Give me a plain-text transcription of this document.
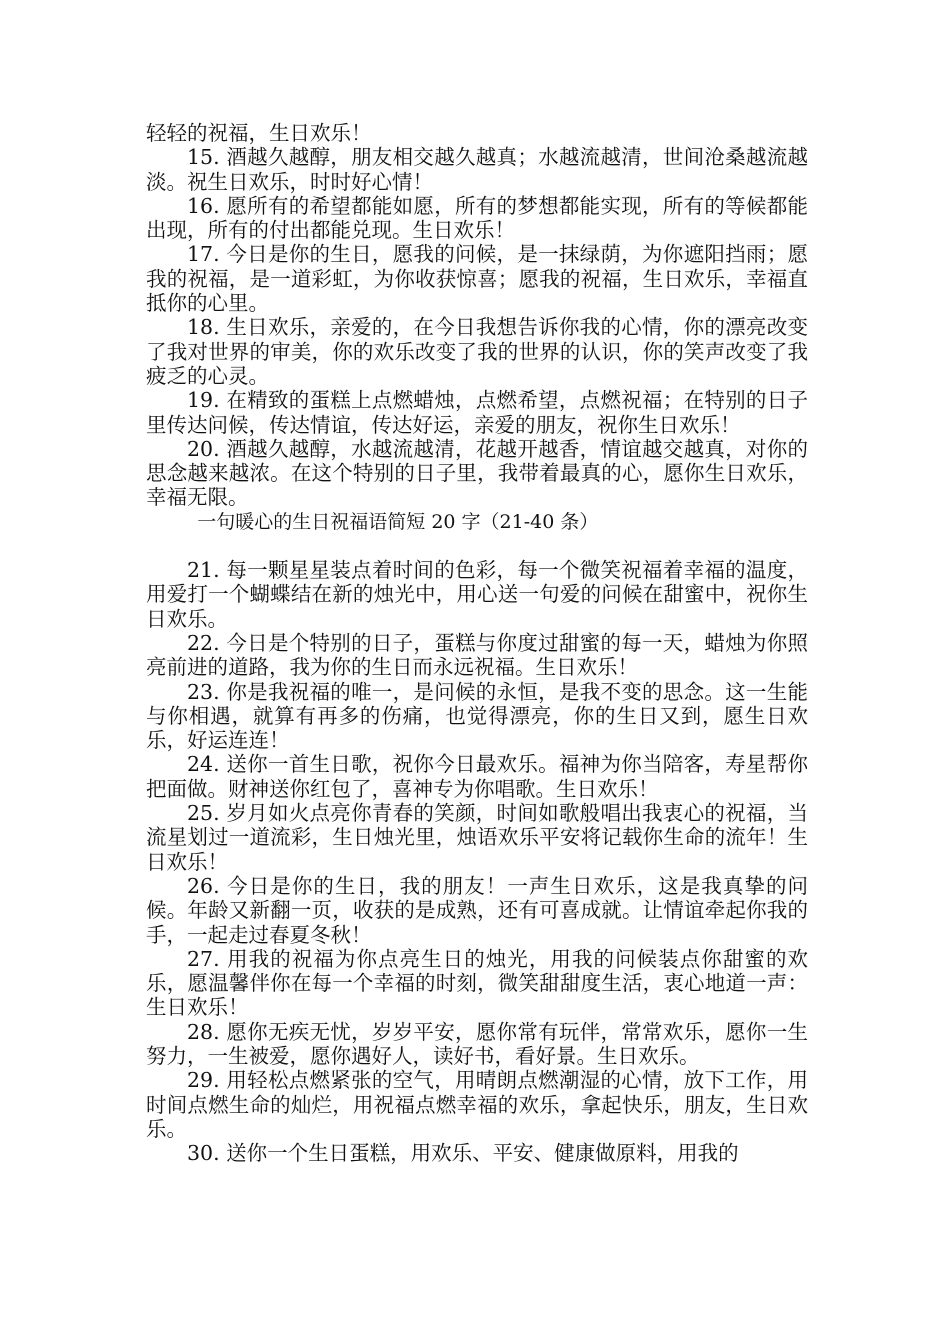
轻轻的祝福，生日欢乐！

15. 酒越久越醇，朋友相交越久越真；水越流越清，世间沧桑越流越淡。祝生日欢乐，时时好心情！

16. 愿所有的希望都能如愿，所有的梦想都能实现，所有的等候都能出现，所有的付出都能兑现。生日欢乐！

17. 今日是你的生日，愿我的问候，是一抹绿荫，为你遮阳挡雨；愿我的祝福，是一道彩虹，为你收获惊喜；愿我的祝福，生日欢乐，幸福直抵你的心里。

18. 生日欢乐，亲爱的，在今日我想告诉你我的心情，你的漂亮改变了我对世界的审美，你的欢乐改变了我的世界的认识，你的笑声改变了我疲乏的心灵。

19. 在精致的蛋糕上点燃蜡烛，点燃希望，点燃祝福；在特别的日子里传达问候，传达情谊，传达好运，亲爱的朋友，祝你生日欢乐！

20. 酒越久越醇，水越流越清，花越开越香，情谊越交越真，对你的思念越来越浓。在这个特别的日子里，我带着最真的心，愿你生日欢乐，幸福无限。

一句暖心的生日祝福语简短 20 字（21-40 条）

21. 每一颗星星装点着时间的色彩，每一个微笑祝福着幸福的温度，用爱打一个蝴蝶结在新的烛光中，用心送一句爱的问候在甜蜜中，祝你生日欢乐。

22. 今日是个特别的日子，蛋糕与你度过甜蜜的每一天，蜡烛为你照亮前进的道路，我为你的生日而永远祝福。生日欢乐！

23. 你是我祝福的唯一，是问候的永恒，是我不变的思念。这一生能与你相遇，就算有再多的伤痛，也觉得漂亮，你的生日又到，愿生日欢乐，好运连连！

24. 送你一首生日歌，祝你今日最欢乐。福神为你当陪客，寿星帮你把面做。财神送你红包了，喜神专为你唱歌。生日欢乐！

25. 岁月如火点亮你青春的笑颜，时间如歌般唱出我衷心的祝福，当流星划过一道流彩，生日烛光里，烛语欢乐平安将记载你生命的流年！生日欢乐！

26. 今日是你的生日，我的朋友！一声生日欢乐，这是我真挚的问候。年龄又新翻一页，收获的是成熟，还有可喜成就。让情谊牵起你我的手，一起走过春夏冬秋！

27. 用我的祝福为你点亮生日的烛光，用我的问候装点你甜蜜的欢乐，愿温馨伴你在每一个幸福的时刻，微笑甜甜度生活，衷心地道一声：生日欢乐！

28. 愿你无疾无忧，岁岁平安，愿你常有玩伴，常常欢乐，愿你一生努力，一生被爱，愿你遇好人，读好书，看好景。生日欢乐。

29. 用轻松点燃紧张的空气，用晴朗点燃潮湿的心情，放下工作，用时间点燃生命的灿烂，用祝福点燃幸福的欢乐，拿起快乐，朋友，生日欢乐。

30. 送你一个生日蛋糕，用欢乐、平安、健康做原料，用我的
